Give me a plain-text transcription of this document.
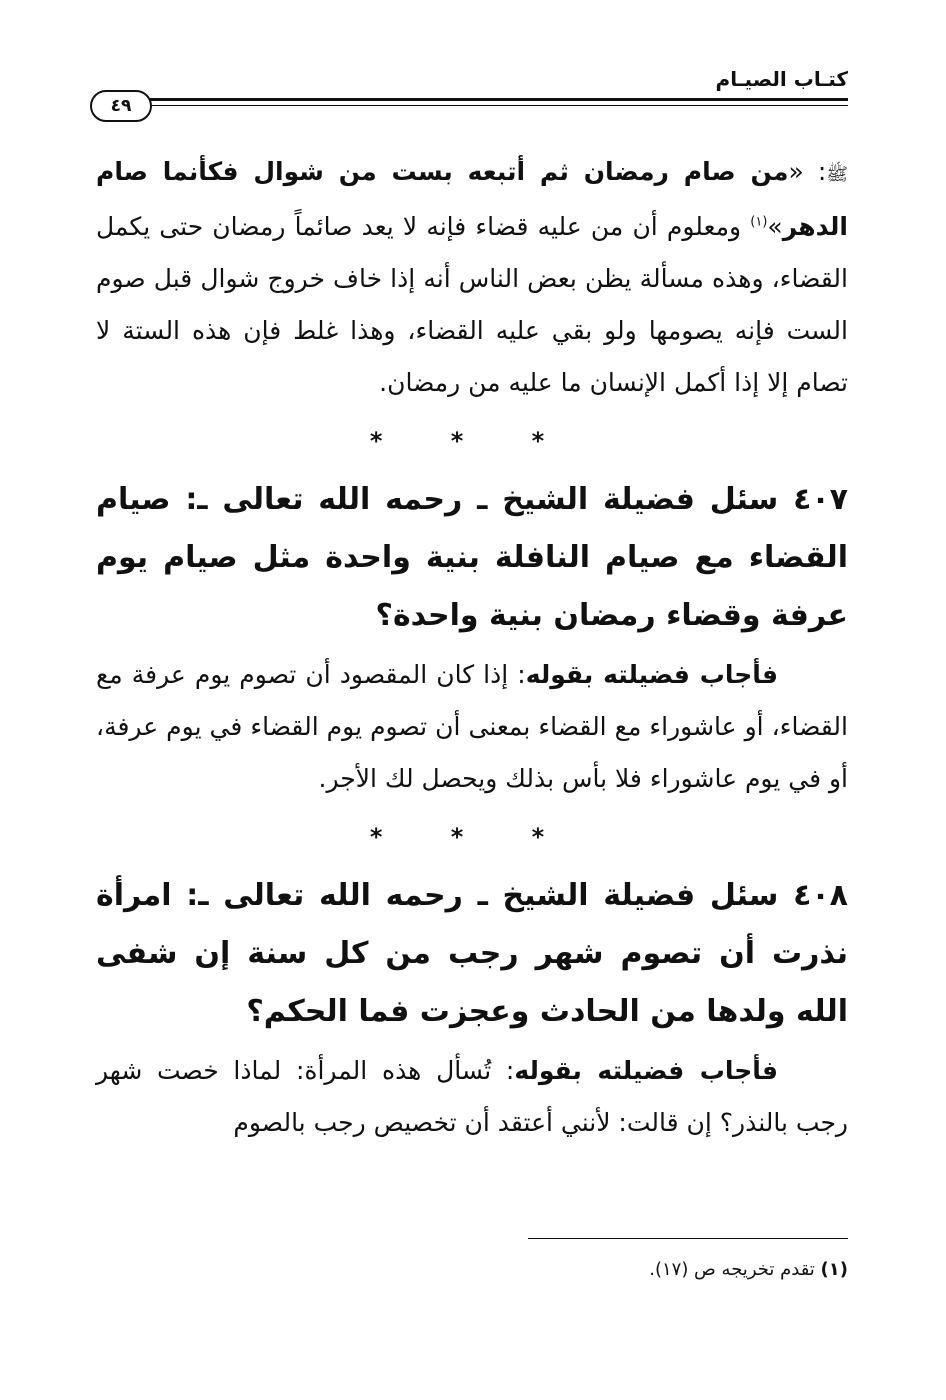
كتـاب الصيـام
٤٩

ﷺ: «من صام رمضان ثم أتبعه بست من شوال فكأنما صام الدهر»$^{(١)}$ ومعلوم أن من عليه قضاء فإنه لا يعد صائماً رمضان حتى يكمل القضاء، وهذه مسألة يظن بعض الناس أنه إذا خاف خروج شوال قبل صوم الست فإنه يصومها ولو بقي عليه القضاء، وهذا غلط فإن هذه الستة لا تصام إلا إذا أكمل الإنسان ما عليه من رمضان.

* * *

٤٠٧ سئل فضيلة الشيخ ـ رحمه الله تعالى ـ: صيام القضاء مع صيام النافلة بنية واحدة مثل صيام يوم عرفة وقضاء رمضان بنية واحدة؟

فأجاب فضيلته بقوله: إذا كان المقصود أن تصوم يوم عرفة مع القضاء، أو عاشوراء مع القضاء بمعنى أن تصوم يوم القضاء في يوم عرفة، أو في يوم عاشوراء فلا بأس بذلك ويحصل لك الأجر.

* * *

٤٠٨ سئل فضيلة الشيخ ـ رحمه الله تعالى ـ: امرأة نذرت أن تصوم شهر رجب من كل سنة إن شفى الله ولدها من الحادث وعجزت فما الحكم؟

فأجاب فضيلته بقوله: تُسأل هذه المرأة: لماذا خصت شهر رجب بالنذر؟ إن قالت: لأنني أعتقد أن تخصيص رجب بالصوم

(١) تقدم تخريجه ص (١٧).
